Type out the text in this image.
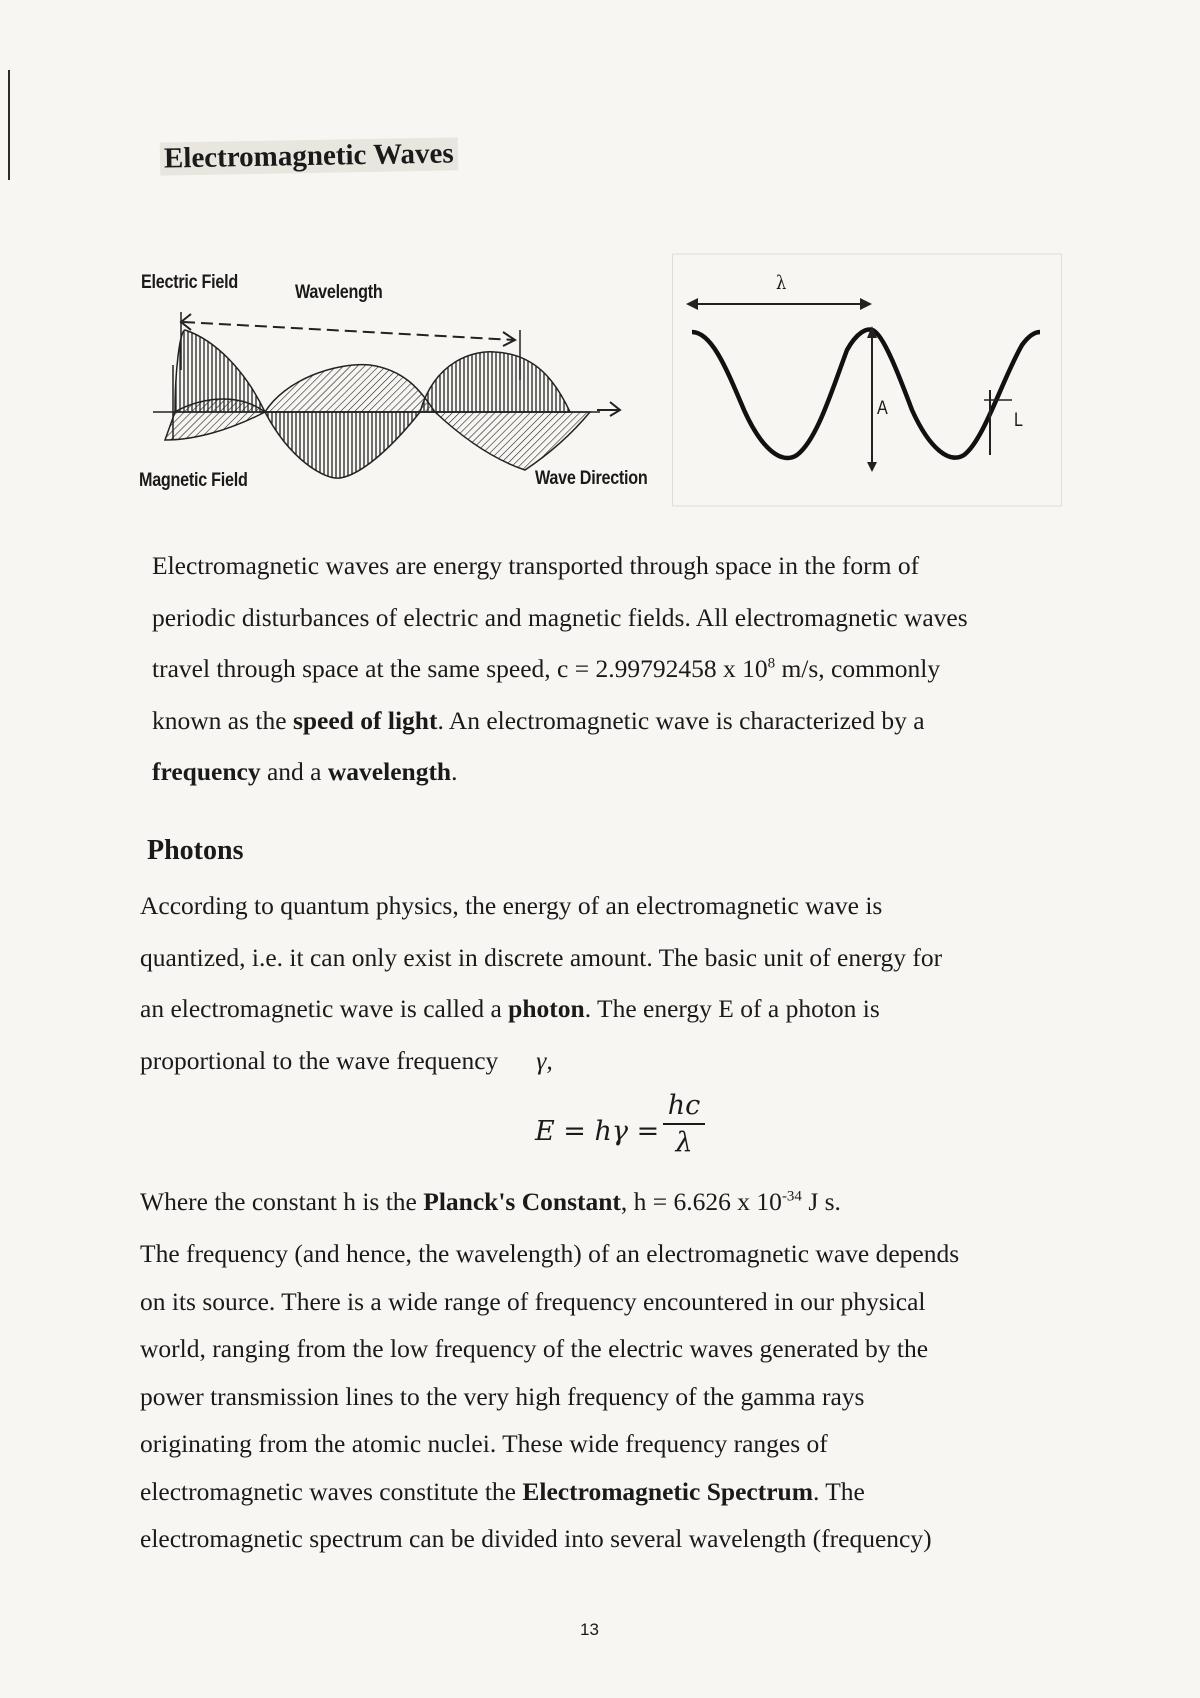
Electromagnetic Waves
Electric Field	Wavelength
Magnetic Field	Wave Direction
λ
A
L
Electromagnetic waves are energy transported through space in the form of
periodic disturbances of electric and magnetic fields. All electromagnetic waves
travel through space at the same speed, c = 2.99792458 x $10^8$ m/s, commonly
known as the speed of light. An electromagnetic wave is characterized by a
frequency and a wavelength.
Photons
According to quantum physics, the energy of an electromagnetic wave is
quantized, i.e. it can only exist in discrete amount. The basic unit of energy for
an electromagnetic wave is called a photon. The energy E of a photon is
proportional to the wave frequency γ,
E = hγ =
hc
λ
Where the constant h is the Planck's Constant, h = 6.626 x $10^{-34}$ J s.
The frequency (and hence, the wavelength) of an electromagnetic wave depends
on its source. There is a wide range of frequency encountered in our physical
world, ranging from the low frequency of the electric waves generated by the
power transmission lines to the very high frequency of the gamma rays
originating from the atomic nuclei. These wide frequency ranges of
electromagnetic waves constitute the Electromagnetic Spectrum. The
electromagnetic spectrum can be divided into several wavelength (frequency)
13
